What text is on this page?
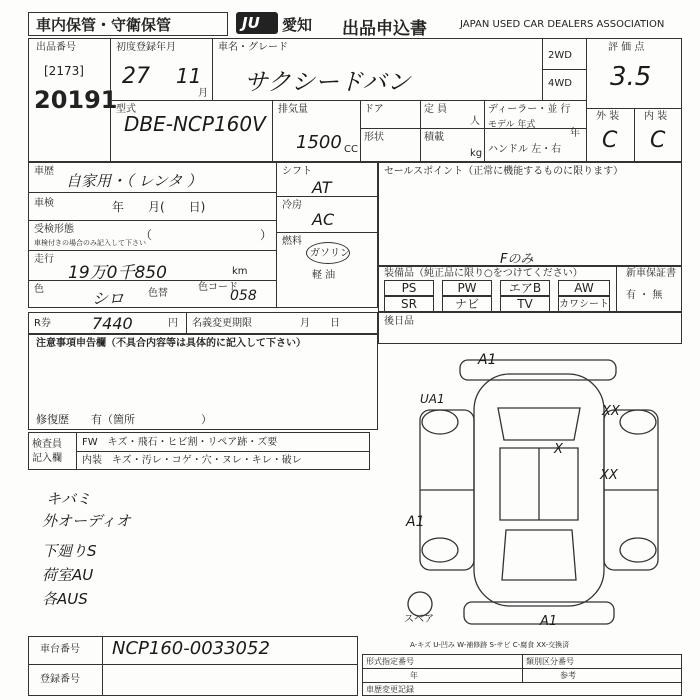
車内保管・守衛保管	JU 愛知 出品申込書	JAPAN USED CAR DEALERS ASSOCIATION
出品番号
[2173]
20191
初度登録年月
27 11
月
車名・グレード
サクシードバン
2WD
4WD
評 価 点
3.5
外 装 内 装
C C
型式
DBE-NCP160V
排気量
1500 CC
ドア	定 員
人
形状	積載
kg
ディーラー・並 行
モデル 年式
年
ハンドル 左・右
車歴
自家用・（ レンタ ）
車検	年　　月(　　日)
受検形態
車検付きの場合のみ記入して下さい
（　　　　　　　　　）
走行
19万0千850	km
色	シロ 色替
色コード
058
シフト
AT
冷房
AC
燃料
ガソリン
軽 油
セールスポイント（正常に機能するものに限ります）
Fのみ
装備品（純正品に限り○をつけてください）	新車保証書
有 ・ 無
PS	PW	エアB	AW
SR	ナビ	TV	カワシート
R券	7440	円 名義変更期限	月　　日	後日品
注意事項申告欄（不具合内容等は具体的に記入して下さい）
修復歴　　有（箇所　　　　　　）
検査員 記入欄
FW　キズ・飛石・ヒビ割・リペア跡・ズ要
内装　キズ・汚レ・コゲ・穴・ヌレ・キレ・破レ
キバミ
外オーディオ
下廻りS
荷室AU
各AUS
A1
UA1
XX
X
XX
A1
A1
スペア
A-キズ U-凹み W-補修跡 S-サビ C-腐食 XX-交換済
車台番号 NCP160-0033052
登録番号
形式指定番号	類別区分番号
年	参考
車歴変更記録
